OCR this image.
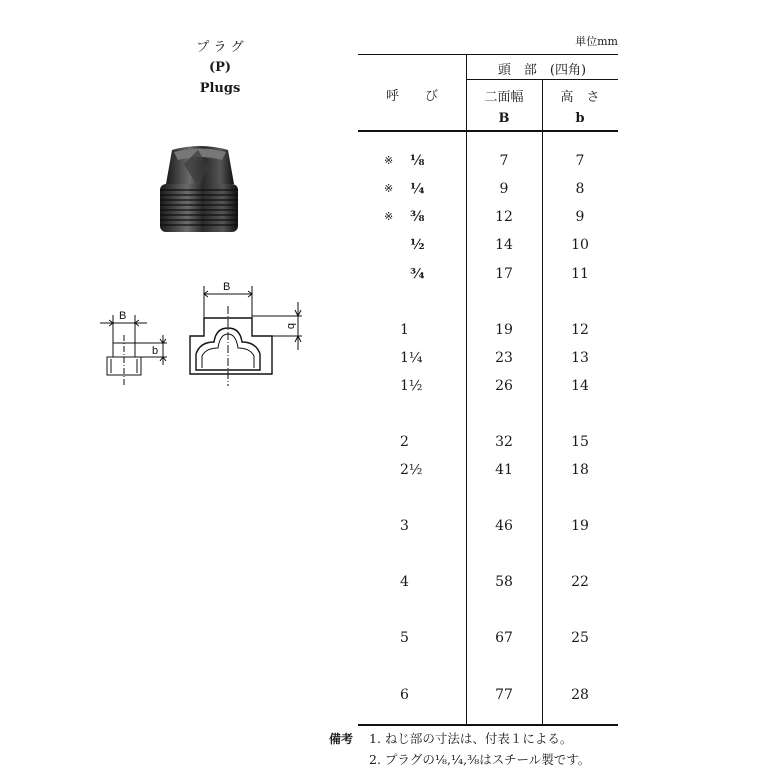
プ ラ グ
(P)
Plugs
B
b
B
b
単位mm
呼　　び
頭　部　(四角)
二面幅	高　さ
B	b
※ ⅛	7	7
※ ¼	9	8
※ ⅜	12	9
½	14	10
¾	17	11
1	19	12
1¼	23	13
1½	26	14
2	32	15
2½	41	18
3	46	19
4	58	22
5	67	25
6	77	28
備考 1. ねじ部の寸法は、付表１による。
2. プラグの⅛,¼,⅜はスチール製です。
